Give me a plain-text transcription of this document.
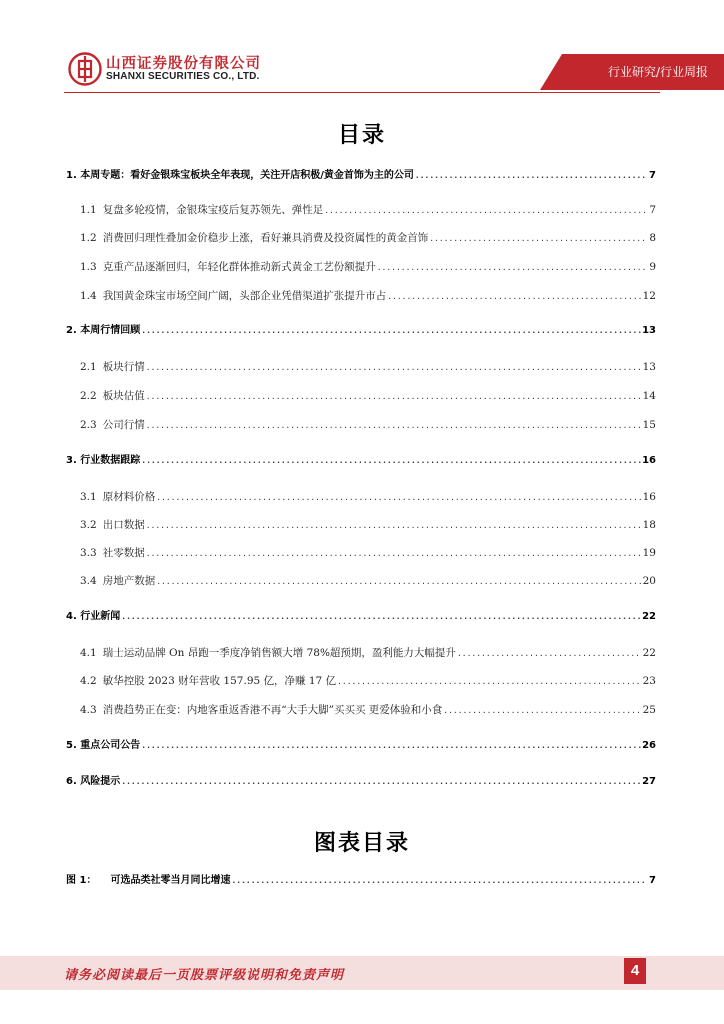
山西证券股份有限公司
SHANXI SECURITIES CO., LTD.	行业研究/行业周报
目录
1. 本周专题：看好金银珠宝板块全年表现，关注开店积极/黄金首饰为主的公司 .....	7
1.1 复盘多轮疫情，金银珠宝疫后复苏领先、弹性足 .....	7
1.2 消费回归理性叠加金价稳步上涨，看好兼具消费及投资属性的黄金首饰 .....	8
1.3 克重产品逐渐回归，年轻化群体推动新式黄金工艺份额提升 .....	9
1.4 我国黄金珠宝市场空间广阔，头部企业凭借渠道扩张提升市占 .....	12
2. 本周行情回顾 .....	13
2.1 板块行情 .....	13
2.2 板块估值 .....	14
2.3 公司行情 .....	15
3. 行业数据跟踪 .....	16
3.1 原材料价格 .....	16
3.2 出口数据 .....	18
3.3 社零数据 .....	19
3.4 房地产数据 .....	20
4. 行业新闻 .....	22
4.1 瑞士运动品牌 On 昂跑一季度净销售额大增 78%超预期，盈利能力大幅提升 .....	22
4.2 敏华控股 2023 财年营收 157.95 亿，净赚 17 亿 .....	23
4.3 消费趋势正在变：内地客重返香港不再“大手大脚”买买买 更爱体验和小食 .....	25
5. 重点公司公告 .....	26
6. 风险提示 .....	27
图表目录
图 1： 可选品类社零当月同比增速 .....	7
请务必阅读最后一页股票评级说明和免责声明	4
